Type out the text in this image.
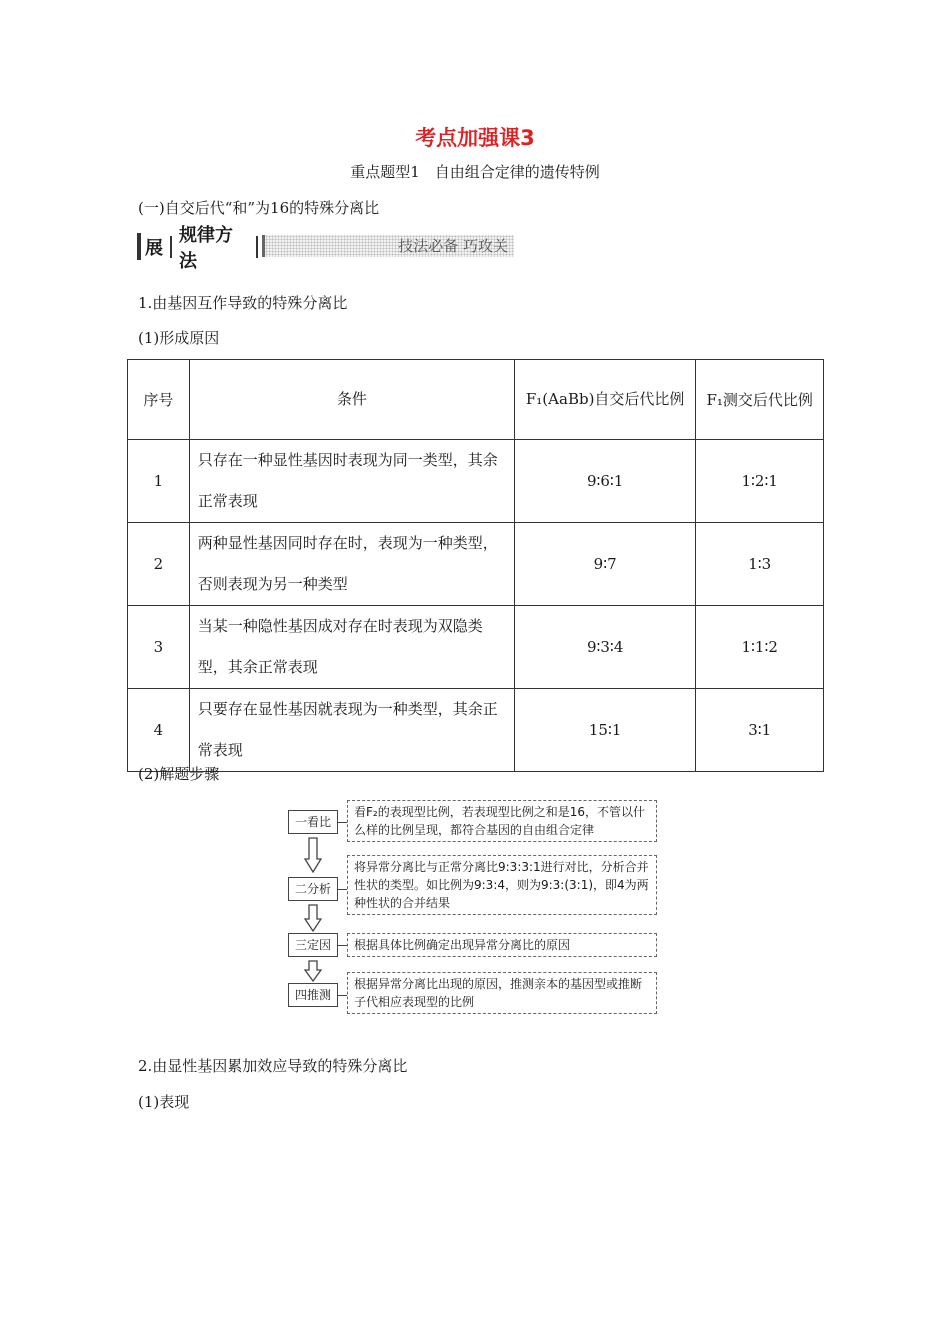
考点加强课3
重点题型1　自由组合定律的遗传特例
(一)自交后代“和”为16的特殊分离比
展
规律方法
技法必备 巧攻关
1.由基因互作导致的特殊分离比
(1)形成原因
序号	条件	F₁(AaBb)自交后代比例	F₁测交后代比例
1	只存在一种显性基因时表现为同一类型，其余正常表现	9∶6∶1	1∶2∶1
2	两种显性基因同时存在时，表现为一种类型，否则表现为另一种类型	9∶7	1∶3
3	当某一种隐性基因成对存在时表现为双隐类型，其余正常表现	9∶3∶4	1∶1∶2
4	只要存在显性基因就表现为一种类型，其余正常表现	15∶1	3∶1
(2)解题步骤
一看比
看F₂的表现型比例，若表现型比例之和是16，不管以什么样的比例呈现，都符合基因的自由组合定律
二分析
将异常分离比与正常分离比9:3:3:1进行对比，分析合并性状的类型。如比例为9:3:4，则为9:3:(3:1)，即4为两种性状的合并结果
三定因	根据具体比例确定出现异常分离比的原因
四推测
根据异常分离比出现的原因，推测亲本的基因型或推断子代相应表现型的比例
2.由显性基因累加效应导致的特殊分离比
(1)表现
